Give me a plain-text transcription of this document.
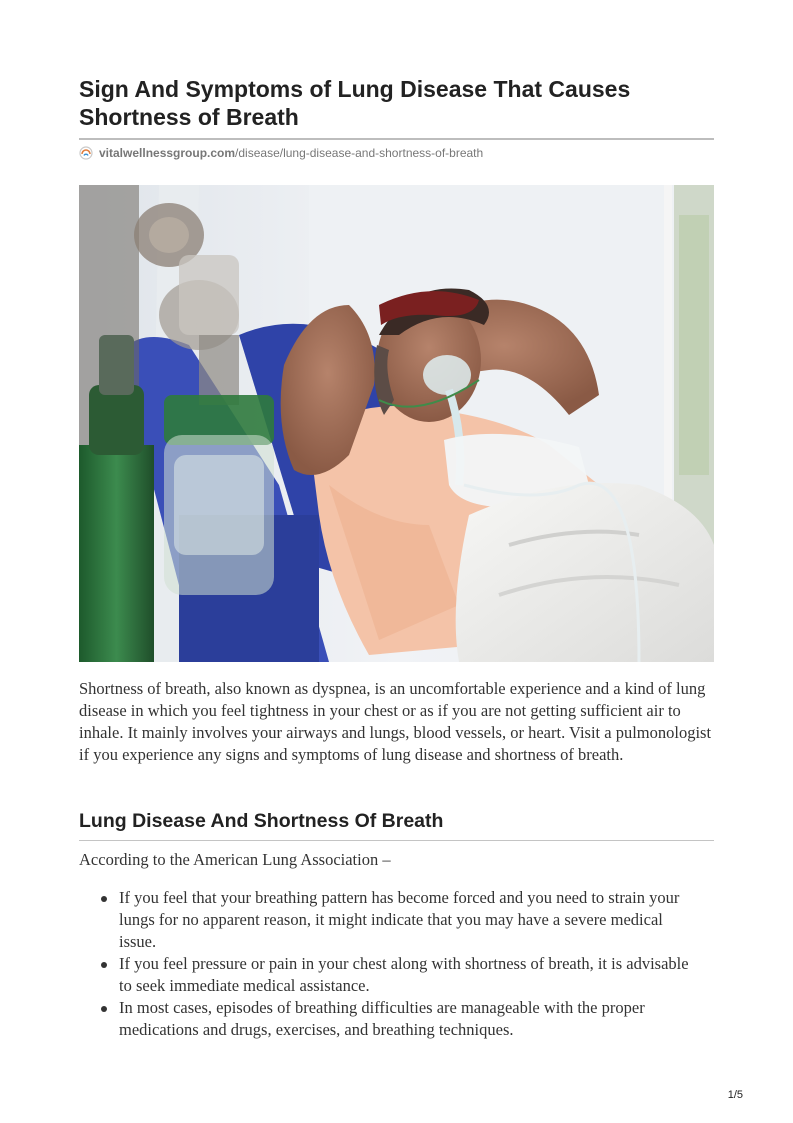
Sign And Symptoms of Lung Disease That Causes Shortness of Breath
vitalwellnessgroup.com /disease/lung-disease-and-shortness-of-breath

Shortness of breath, also known as dyspnea, is an uncomfortable experience and a kind of lung disease in which you feel tightness in your chest or as if you are not getting sufficient air to inhale. It mainly involves your airways and lungs, blood vessels, or heart. Visit a pulmonologist if you experience any signs and symptoms of lung disease and shortness of breath.

Lung Disease And Shortness Of Breath

According to the American Lung Association –

If you feel that your breathing pattern has become forced and you need to strain your lungs for no apparent reason, it might indicate that you may have a severe medical issue.
If you feel pressure or pain in your chest along with shortness of breath, it is advisable to seek immediate medical assistance.
In most cases, episodes of breathing difficulties are manageable with the proper medications and drugs, exercises, and breathing techniques.
1/5
